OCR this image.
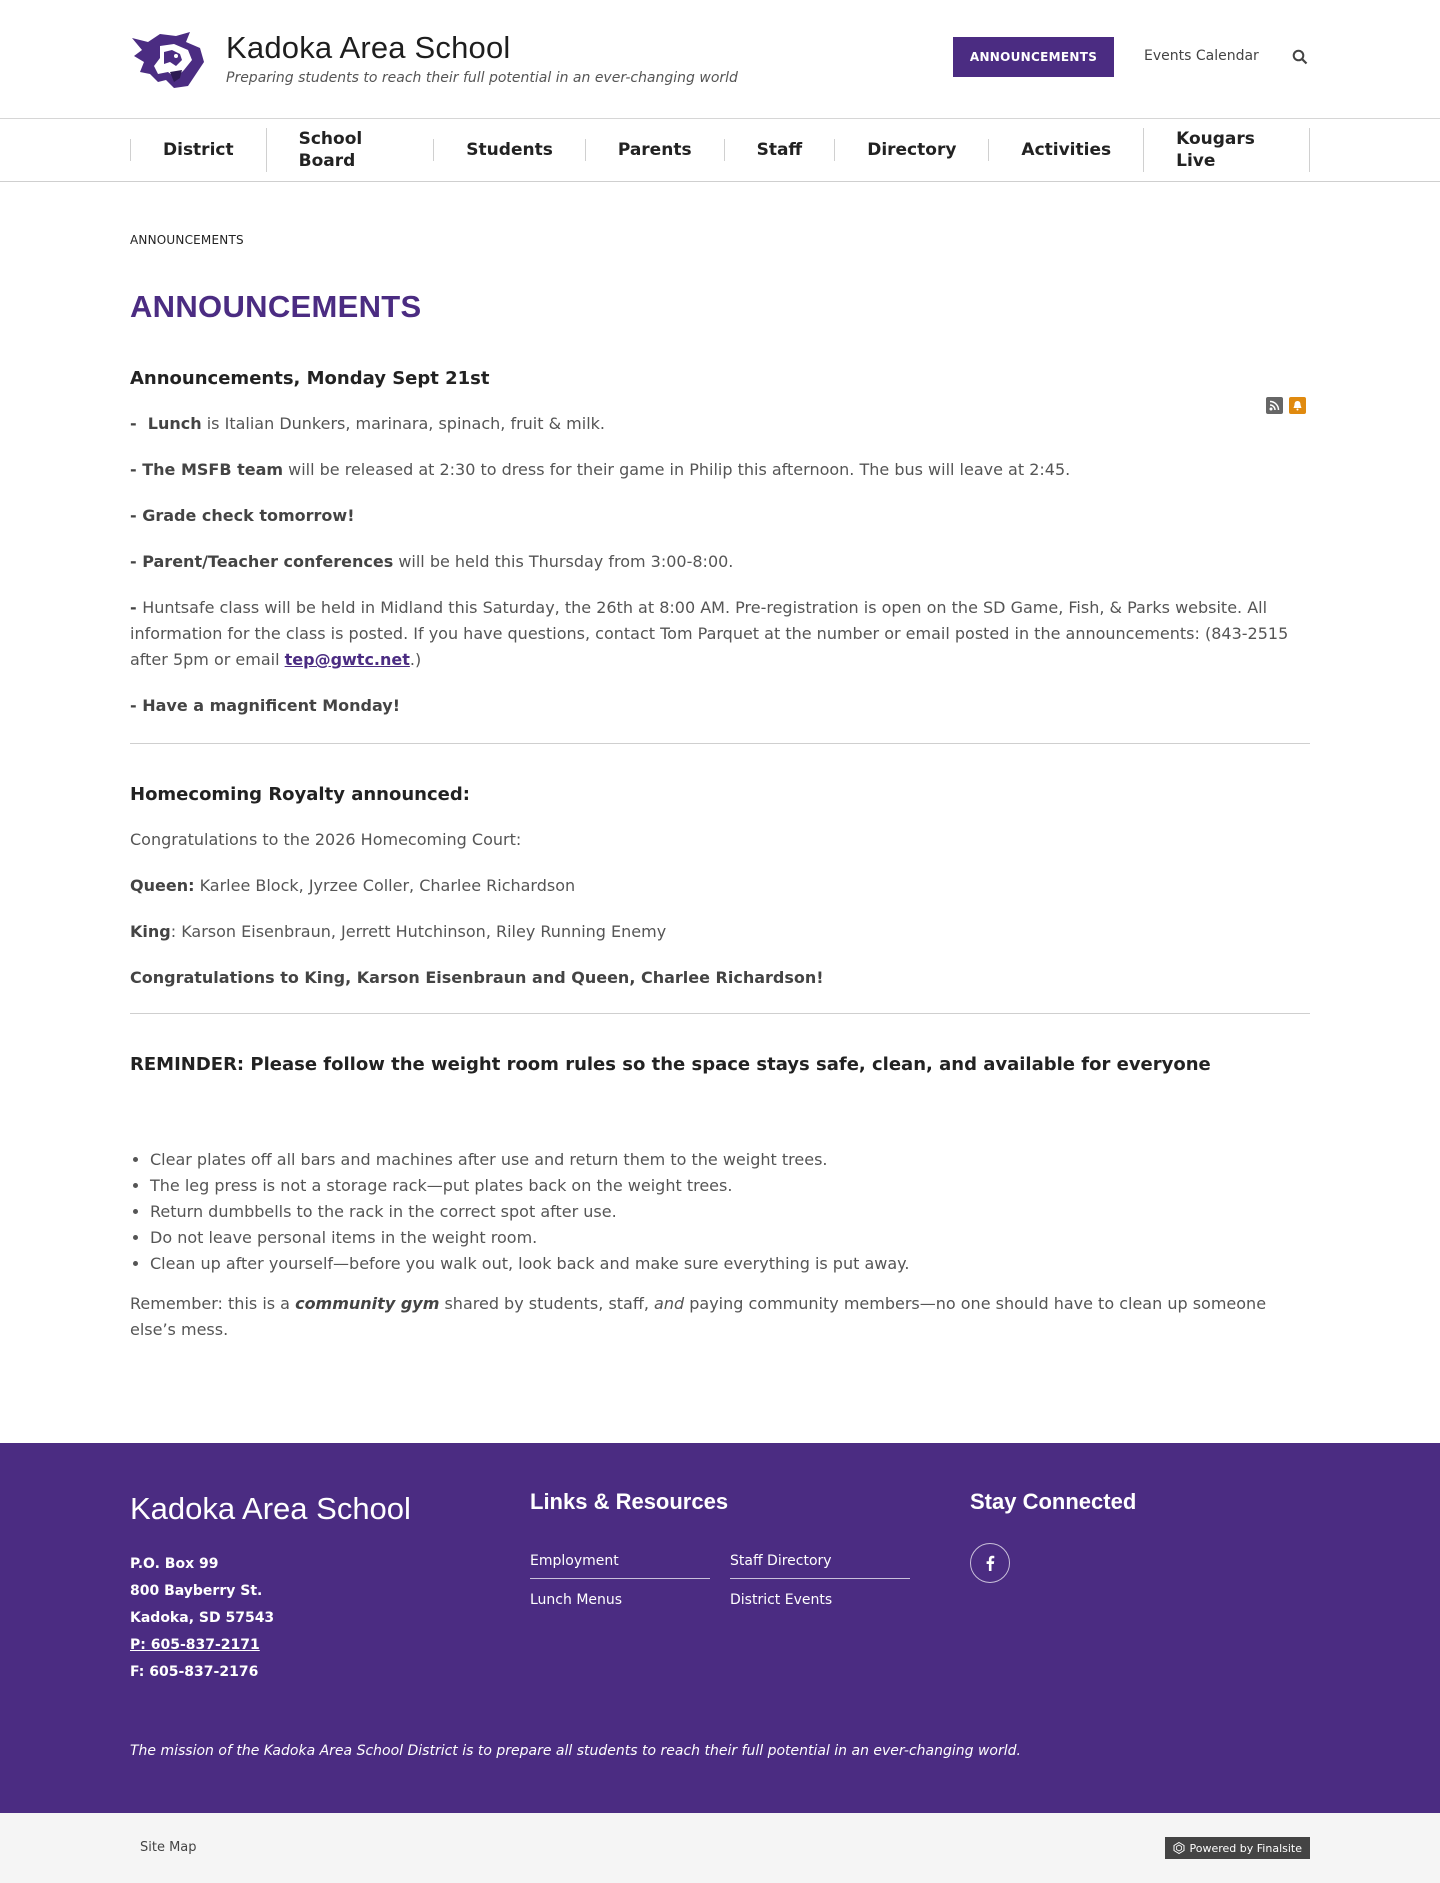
Kadoka Area School
Preparing students to reach their full potential in an ever-changing world
ANNOUNCEMENTS	Events Calendar
District
School Board
Students	Parents	Staff	Directory	Activities
Kougars Live
ANNOUNCEMENTS
ANNOUNCEMENTS
Announcements, Monday Sept 21st

-  Lunch is Italian Dunkers, marinara, spinach, fruit & milk.

- The MSFB team will be released at 2:30 to dress for their game in Philip this afternoon. The bus will leave at 2:45.

- Grade check tomorrow!

- Parent/Teacher conferences will be held this Thursday from 3:00-8:00.

- Huntsafe class will be held in Midland this Saturday, the 26th at 8:00 AM. Pre-registration is open on the SD Game, Fish, & Parks website. All information for the class is posted. If you have questions, contact Tom Parquet at the number or email posted in the announcements: (843-2515 after 5pm or email tep@gwtc.net.)

- Have a magnificent Monday!

Homecoming Royalty announced:

Congratulations to the 2026 Homecoming Court:

Queen: Karlee Block, Jyrzee Coller, Charlee Richardson

King: Karson Eisenbraun, Jerrett Hutchinson, Riley Running Enemy

Congratulations to King, Karson Eisenbraun and Queen, Charlee Richardson!

REMINDER: Please follow the weight room rules so the space stays safe, clean, and available for everyone
• Clear plates off all bars and machines after use and return them to the weight trees.
• The leg press is not a storage rack—put plates back on the weight trees.
• Return dumbbells to the rack in the correct spot after use.
• Do not leave personal items in the weight room.
• Clean up after yourself—before you walk out, look back and make sure everything is put away.

Remember: this is a community gym shared by students, staff, and paying community members—no one should have to clean up someone else’s mess.

Kadoka Area School
P.O. Box 99
800 Bayberry St.
Kadoka, SD 57543
P: 605-837-2171
F: 605-837-2176
Links & Resources
Employment	Staff Directory
Lunch Menus	District Events
Stay Connected
The mission of the Kadoka Area School District is to prepare all students to reach their full potential in an ever-changing world.
Site Map	Powered by Finalsite
